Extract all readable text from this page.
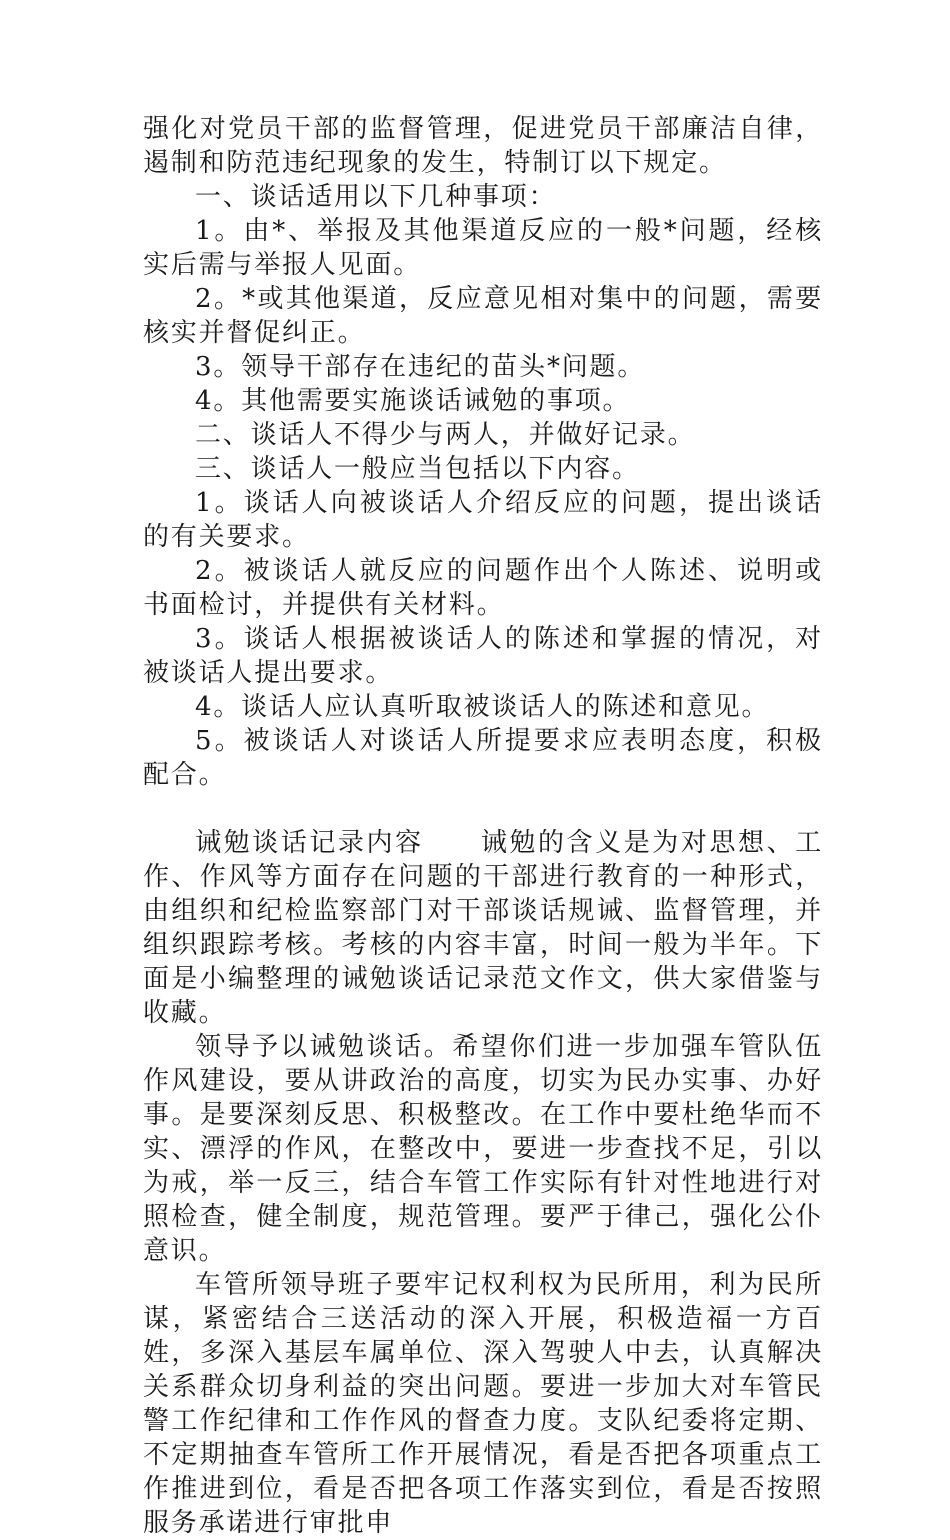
强化对党员干部的监督管理，促进党员干部廉洁自律，遏制和防范违纪现象的发生，特制订以下规定。

一、谈话适用以下几种事项：

1。由*、举报及其他渠道反应的一般*问题，经核实后需与举报人见面。

2。*或其他渠道，反应意见相对集中的问题，需要核实并督促纠正。

3。领导干部存在违纪的苗头*问题。

4。其他需要实施谈话诫勉的事项。

二、谈话人不得少与两人，并做好记录。

三、谈话人一般应当包括以下内容。

1。谈话人向被谈话人介绍反应的问题，提出谈话的有关要求。

2。被谈话人就反应的问题作出个人陈述、说明或书面检讨，并提供有关材料。

3。谈话人根据被谈话人的陈述和掌握的情况，对被谈话人提出要求。

4。谈话人应认真听取被谈话人的陈述和意见。

5。被谈话人对谈话人所提要求应表明态度，积极配合。

诫勉谈话记录内容　　诫勉的含义是为对思想、工作、作风等方面存在问题的干部进行教育的一种形式，由组织和纪检监察部门对干部谈话规诫、监督管理，并组织跟踪考核。考核的内容丰富，时间一般为半年。下面是小编整理的诫勉谈话记录范文作文，供大家借鉴与收藏。

领导予以诫勉谈话。希望你们进一步加强车管队伍作风建设，要从讲政治的高度，切实为民办实事、办好事。是要深刻反思、积极整改。在工作中要杜绝华而不实、漂浮的作风，在整改中，要进一步查找不足，引以为戒，举一反三，结合车管工作实际有针对性地进行对照检查，健全制度，规范管理。要严于律己，强化公仆意识。

车管所领导班子要牢记权利权为民所用，利为民所谋，紧密结合三送活动的深入开展，积极造福一方百姓，多深入基层车属单位、深入驾驶人中去，认真解决关系群众切身利益的突出问题。要进一步加大对车管民警工作纪律和工作作风的督查力度。支队纪委将定期、不定期抽查车管所工作开展情况，看是否把各项重点工作推进到位，看是否把各项工作落实到位，看是否按照服务承诺进行审批申
